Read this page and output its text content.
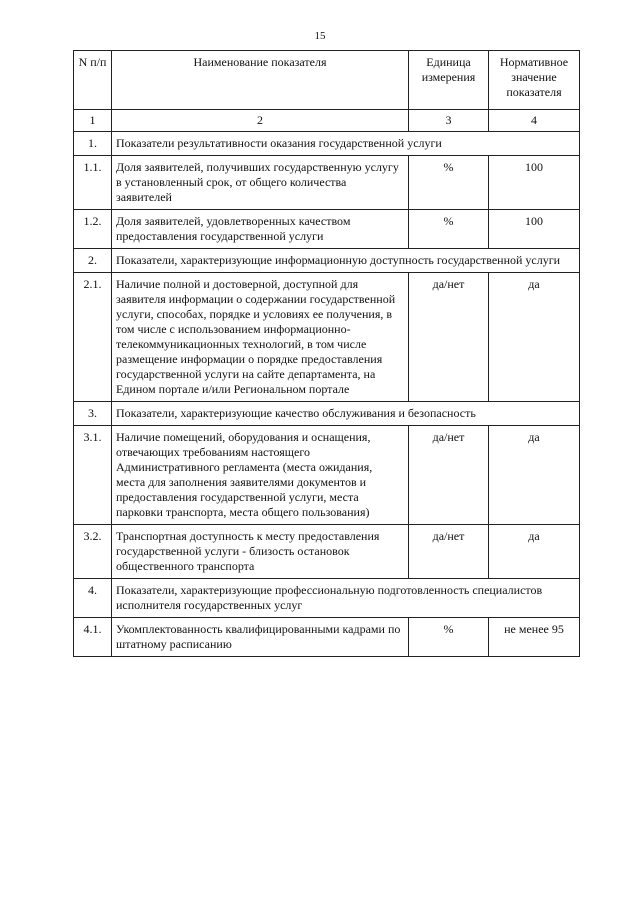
15
N п/п	Наименование показателя	Единица измерения	Нормативное значение показателя
1	2	3	4
1.	Показатели результативности оказания государственной услуги		
1.1.	Доля заявителей, получивших государственную услугу в установленный срок, от общего количества заявителей	%	100
1.2.	Доля заявителей, удовлетворенных качеством предоставления государственной услуги	%	100
2.	Показатели, характеризующие информационную доступность государственной услуги		
2.1.	Наличие полной и достоверной, доступной для заявителя информации о содержании государственной услуги, способах, порядке и условиях ее получения, в том числе с использованием информационно-телекоммуникационных технологий, в том числе размещение информации о порядке предоставления государственной услуги на сайте департамента, на Едином портале и/или Региональном портале	да/нет	да
3.	Показатели, характеризующие качество обслуживания и безопасность		
3.1.	Наличие помещений, оборудования и оснащения, отвечающих требованиям настоящего Административного регламента (места ожидания, места для заполнения заявителями документов и предоставления государственной услуги, места парковки транспорта, места общего пользования)	да/нет	да
3.2.	Транспортная доступность к месту предоставления государственной услуги - близость остановок общественного транспорта	да/нет	да
4.	Показатели, характеризующие профессиональную подготовленность специалистов исполнителя государственных услуг		
4.1.	Укомплектованность квалифицированными кадрами по штатному расписанию	%	не менее 95
